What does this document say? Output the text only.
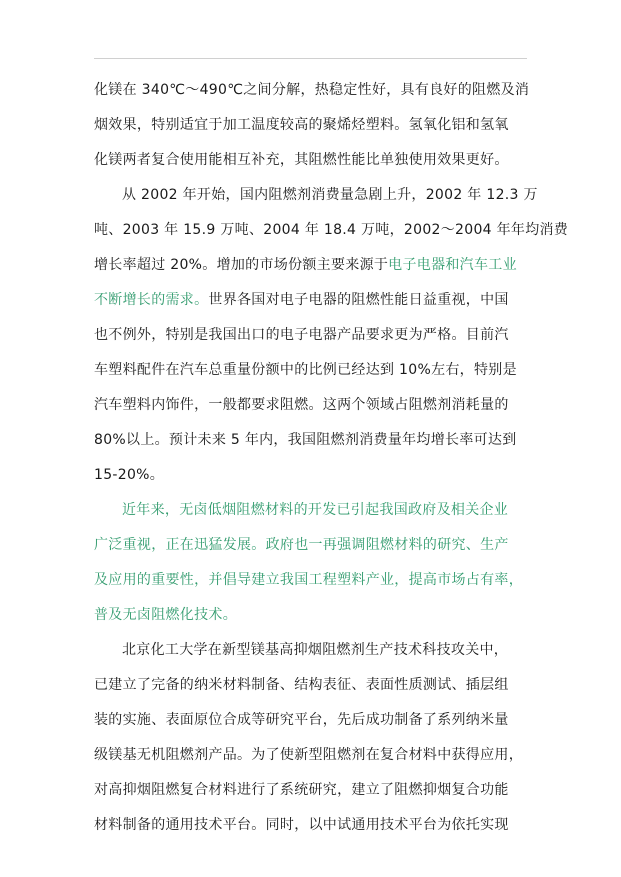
化镁在 340℃～490℃之间分解，热稳定性好，具有良好的阻燃及消
烟效果，特别适宜于加工温度较高的聚烯烃塑料。氢氧化铝和氢氧
化镁两者复合使用能相互补充，其阻燃性能比单独使用效果更好。
从 2002 年开始，国内阻燃剂消费量急剧上升，2002 年 12.3 万
吨、2003 年 15.9 万吨、2004 年 18.4 万吨，2002～2004 年年均消费
增长率超过 20%。增加的市场份额主要来源于电子电器和汽车工业
不断增长的需求。世界各国对电子电器的阻燃性能日益重视，中国
也不例外，特别是我国出口的电子电器产品要求更为严格。目前汽
车塑料配件在汽车总重量份额中的比例已经达到 10%左右，特别是
汽车塑料内饰件，一般都要求阻燃。这两个领域占阻燃剂消耗量的
80%以上。预计未来 5 年内，我国阻燃剂消费量年均增长率可达到
15-20%。
近年来，无卤低烟阻燃材料的开发已引起我国政府及相关企业
广泛重视，正在迅猛发展。政府也一再强调阻燃材料的研究、生产
及应用的重要性，并倡导建立我国工程塑料产业，提高市场占有率，
普及无卤阻燃化技术。
北京化工大学在新型镁基高抑烟阻燃剂生产技术科技攻关中，
已建立了完备的纳米材料制备、结构表征、表面性质测试、插层组
装的实施、表面原位合成等研究平台，先后成功制备了系列纳米量
级镁基无机阻燃剂产品。为了使新型阻燃剂在复合材料中获得应用，
对高抑烟阻燃复合材料进行了系统研究，建立了阻燃抑烟复合功能
材料制备的通用技术平台。同时，以中试通用技术平台为依托实现
